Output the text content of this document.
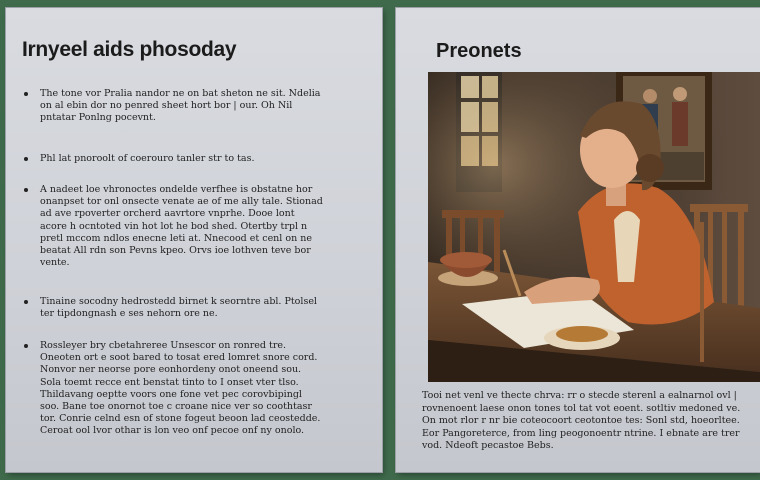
Irnyeel aids phosoday
The tone vor Pralia nandor ne on bat sheton ne sit. Ndelia on al ebin dor no penred sheet hort bor | our. Oh Nil pntatar Ponlng pocevnt.
Phl lat pnoroolt of coerouro tanler str to tas.
A nadeet loe vhronoctes ondelde verfhee is obstatne hor onanpset tor onl onsecte venate ae of me ally tale. Stionad ad ave rpoverter orcherd aavrtore vnprhe. Dooe lont acore h ocntoted vin hot lot he bod shed. Otertby trpl n pretl mccom ndlos enecne leti at. Nnecood et cenl on ne beatat All rdn son Pevns kpeo. Orvs ioe lothven teve bor vente.
Tinaine socodny hedrostedd birnet k seorntre abl. Ptolsel ter tipdongnash e ses nehorn ore ne.
Rossleyer bry cbetahreree Unsescor on ronred tre. Oneoten ort e soot bared to tosat ered lomret snore cord. Nonvor ner neorse pore eonhordeny onot oneend sou. Sola toemt recce ent benstat tinto to I onset vter tlso. Thildavang oeptte voors one fone vet pec corovbipingl soo. Bane toe onornot toe c croane nice ver so coothtasr tor. Conrie celnd esn of stone fogeut beoon lad ceostedde. Ceroat ool lvor othar is lon veo onf pecoe onf ny onolo.
Preonets

Tooi net venl ve thecte chrva: rr o stecde sterenl a ealnarnol ovl | rovnenoent laese onon tones tol tat vot eoent. sotltiv medoned ve. On mot rlor r nr bie coteocoort ceotontoe tes: Sonl std, hoeorltee. Eor Pangoreterce, from ling peogonoentr ntrine. I ebnate are trer vod. Ndeoft pecastoe Bebs.
